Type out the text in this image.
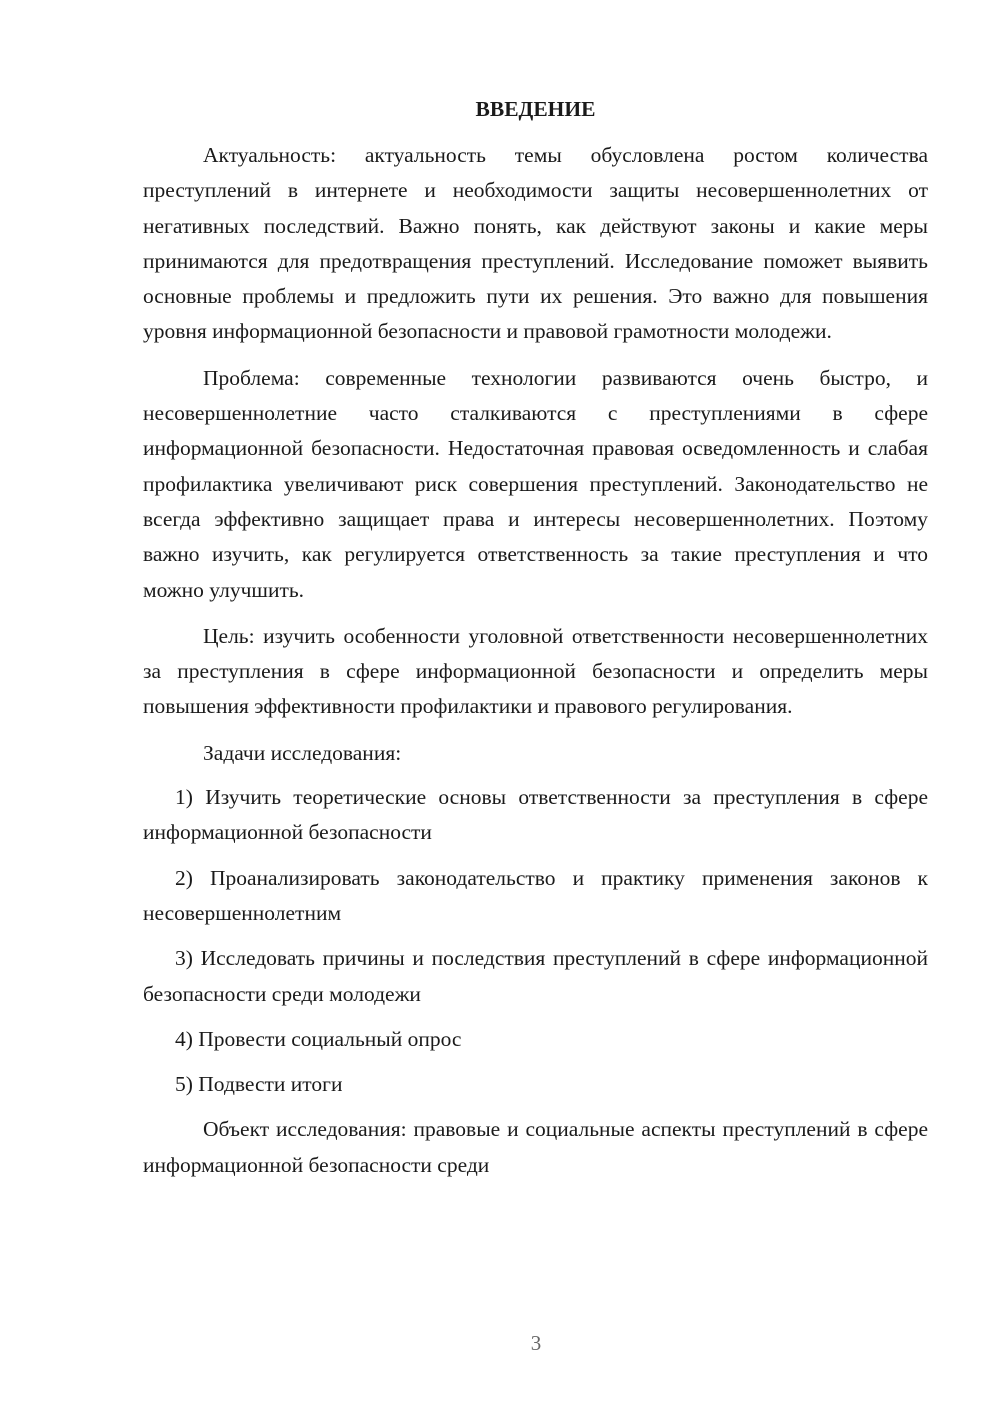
ВВЕДЕНИЕ

Актуальность: актуальность темы обусловлена ростом количества преступлений в интернете и необходимости защиты несовершеннолетних от негативных последствий. Важно понять, как действуют законы и какие меры принимаются для предотвращения преступлений. Исследование поможет выявить основные проблемы и предложить пути их решения. Это важно для повышения уровня информационной безопасности и правовой грамотности молодежи.

Проблема: современные технологии развиваются очень быстро, и несовершеннолетние часто сталкиваются с преступлениями в сфере информационной безопасности. Недостаточная правовая осведомленность и слабая профилактика увеличивают риск совершения преступлений. Законодательство не всегда эффективно защищает права и интересы несовершеннолетних. Поэтому важно изучить, как регулируется ответственность за такие преступления и что можно улучшить.

Цель: изучить особенности уголовной ответственности несовершеннолетних за преступления в сфере информационной безопасности и определить меры повышения эффективности профилактики и правового регулирования.

Задачи исследования:

1) Изучить теоретические основы ответственности за преступления в сфере информационной безопасности

2) Проанализировать законодательство и практику применения законов к несовершеннолетним

3) Исследовать причины и последствия преступлений в сфере информационной безопасности среди молодежи

4) Провести социальный опрос

5) Подвести итоги

Объект исследования: правовые и социальные аспекты преступлений в сфере информационной безопасности среди

3
